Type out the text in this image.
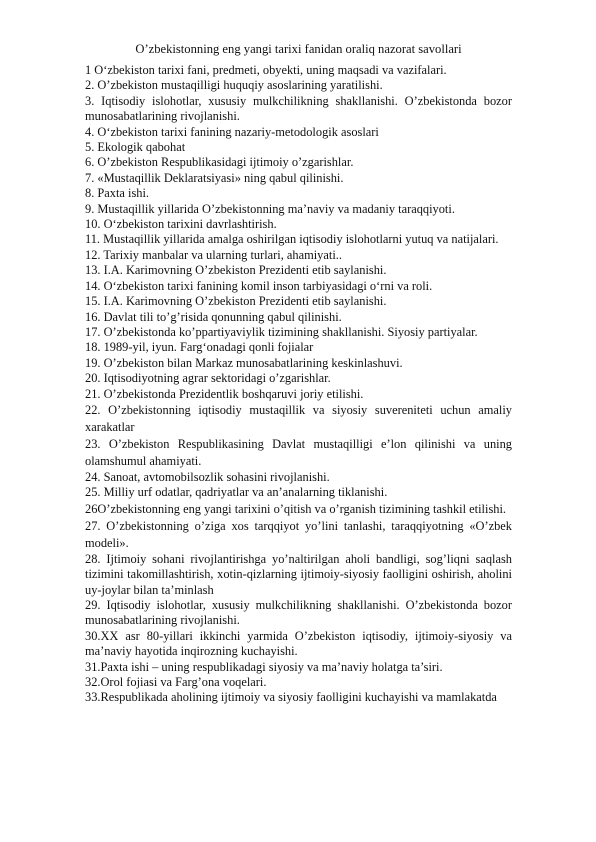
O’zbekistonning eng yangi tarixi fanidan oraliq nazorat savollari
1 O‘zbekiston tarixi fani, predmeti, obyekti, uning maqsadi va vazifalari.
2. O’zbekiston mustaqilligi huquqiy asoslarining yaratilishi.
3. Iqtisodiy islohotlar, xususiy mulkchilikning shakllanishi. O’zbekistonda bozor munosabatlarining rivojlanishi.
4. O‘zbekiston tarixi fanining nazariy-metodologik asoslari
5. Ekologik qabohat
6. O’zbekiston Respublikasidagi ijtimoiy o’zgarishlar.
7. «Mustaqillik Deklaratsiyasi» ning qabul qilinishi.
8. Paxta ishi.
9. Mustaqillik yillarida O’zbekistonning ma’naviy va madaniy taraqqiyoti.
10. O‘zbekiston tarixini davrlashtirish.
11. Mustaqillik yillarida amalga oshirilgan iqtisodiy islohotlarni yutuq va natijalari.
12. Tarixiy manbalar va ularning turlari, ahamiyati..
13. I.A. Karimovning O’zbekiston Prezidenti etib saylanishi.
14. O‘zbekiston tarixi fanining komil inson tarbiyasidagi o‘rni va roli.
15. I.A. Karimovning O’zbekiston Prezidenti etib saylanishi.
16. Davlat tili to’g’risida qonunning qabul qilinishi.
17. O’zbekistonda ko’ppartiyaviylik tizimining shakllanishi. Siyosiy partiyalar.
18. 1989-yil, iyun. Farg‘onadagi qonli fojialar
19. O’zbekiston bilan Markaz munosabatlarining keskinlashuvi.
20. Iqtisodiyotning agrar sektoridagi o’zgarishlar.
21. O’zbekistonda Prezidentlik boshqaruvi joriy etilishi.
22. O’zbekistonning iqtisodiy mustaqillik va siyosiy suvereniteti uchun amaliy xarakatlar
23. O’zbekiston Respublikasining Davlat mustaqilligi e’lon qilinishi va uning olamshumul ahamiyati.
24. Sanoat, avtomobilsozlik sohasini rivojlanishi.
25. Milliy urf odatlar, qadriyatlar va an’analarning tiklanishi.
26O’zbekistonning eng yangi tarixini o’qitish va o’rganish tizimining tashkil etilishi.
27. O’zbekistonning o’ziga xos tarqqiyot yo’lini tanlashi, taraqqiyotning «O’zbek modeli».
28. Ijtimoiy sohani rivojlantirishga yo’naltirilgan aholi bandligi, sog’liqni saqlash tizimini takomillashtirish, xotin-qizlarning ijtimoiy-siyosiy faolligini oshirish, aholini uy-joylar bilan ta’minlash
29. Iqtisodiy islohotlar, xususiy mulkchilikning shakllanishi. O’zbekistonda bozor munosabatlarining rivojlanishi.
30.XX asr 80-yillari ikkinchi yarmida O’zbekiston iqtisodiy, ijtimoiy-siyosiy va ma’naviy hayotida inqirozning kuchayishi.
31.Paxta ishi – uning respublikadagi siyosiy va ma’naviy holatga ta’siri.
32.Orol fojiasi va Farg’ona voqelari.
33.Respublikada aholining ijtimoiy va siyosiy faolligini kuchayishi va mamlakatda
